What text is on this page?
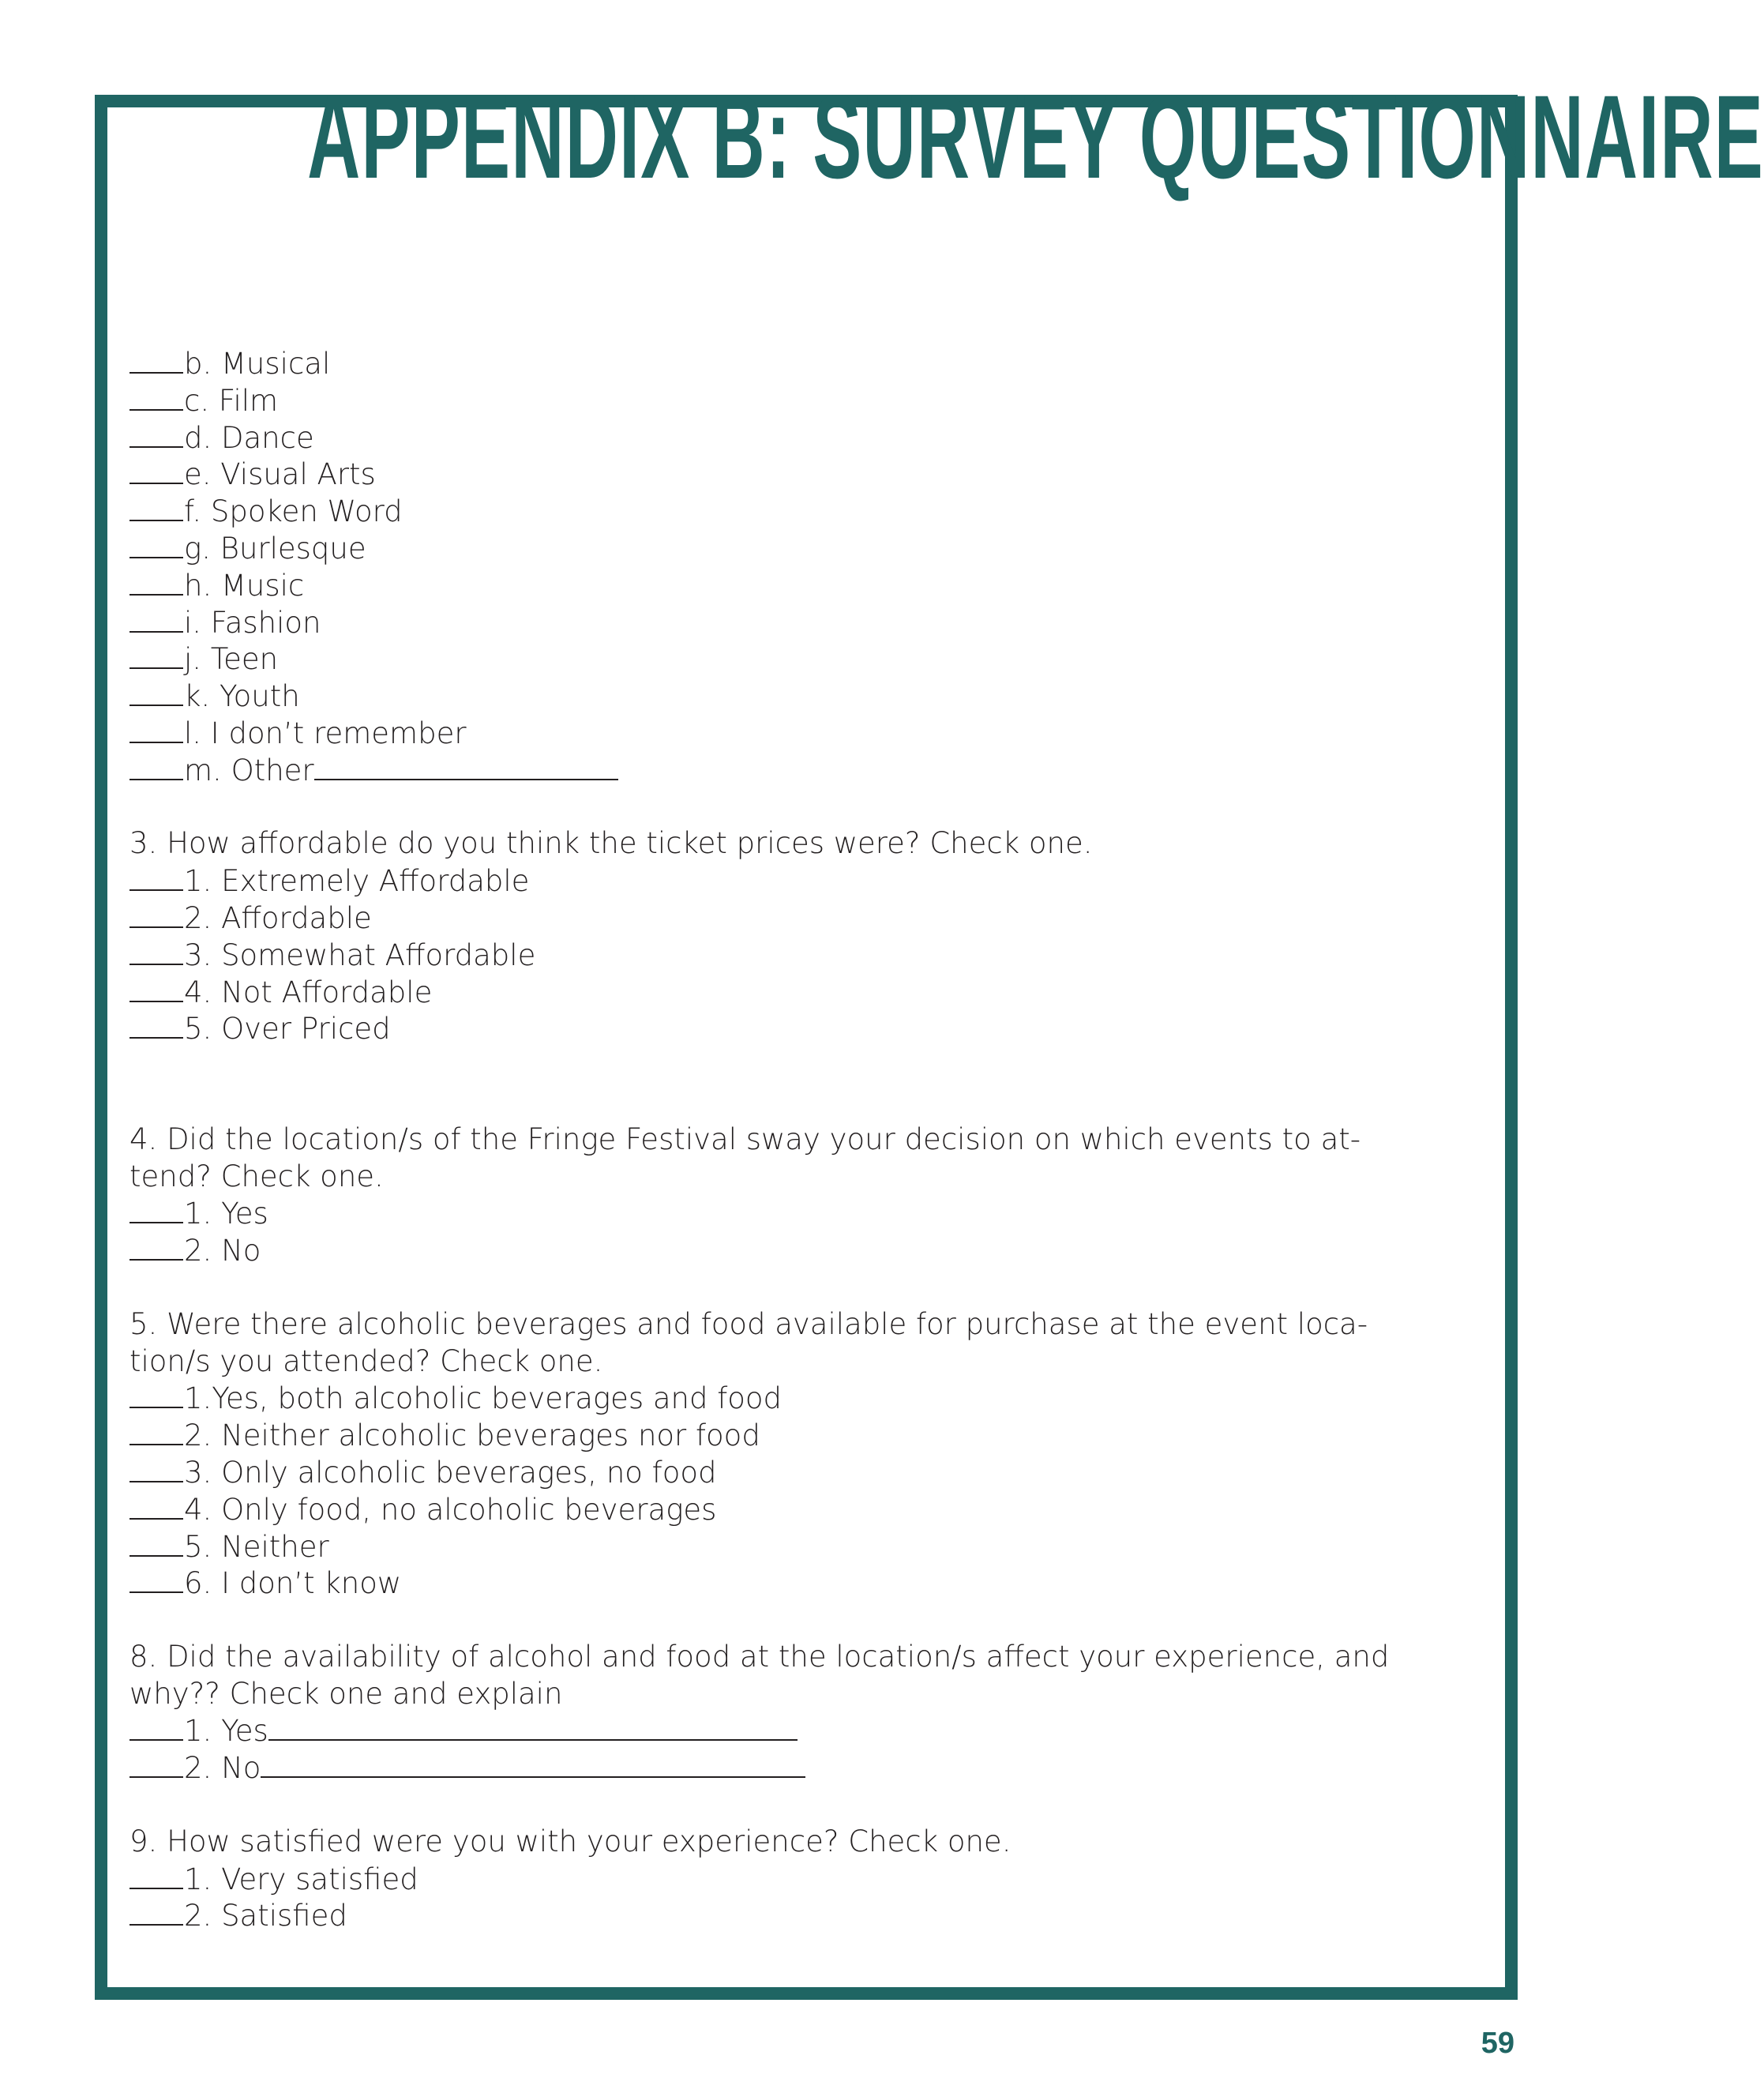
APPENDIX B: SURVEY QUESTIONNAIRE
b. Musical
c. Film
d. Dance
e. Visual Arts
f. Spoken Word
g. Burlesque
h. Music
i. Fashion
j. Teen
k. Youth
l. I don’t remember
m. Other
3. How affordable do you think the ticket prices were? Check one.
1. Extremely Affordable
2. Affordable
3. Somewhat Affordable
4. Not Affordable
5. Over Priced
4. Did the location/s of the Fringe Festival sway your decision on which events to at-
tend? Check one.
1. Yes
2. No
5. Were there alcoholic beverages and food available for purchase at the event loca-
tion/s you attended? Check one.
1.Yes, both alcoholic beverages and food
2. Neither alcoholic beverages nor food
3. Only alcoholic beverages, no food
4. Only food, no alcoholic beverages
5. Neither
6. I don’t know
8. Did the availability of alcohol and food at the location/s affect your experience, and
why?? Check one and explain
1. Yes
2. No
9. How satisfied were you with your experience? Check one.
1. Very satisfied
2. Satisfied
59
